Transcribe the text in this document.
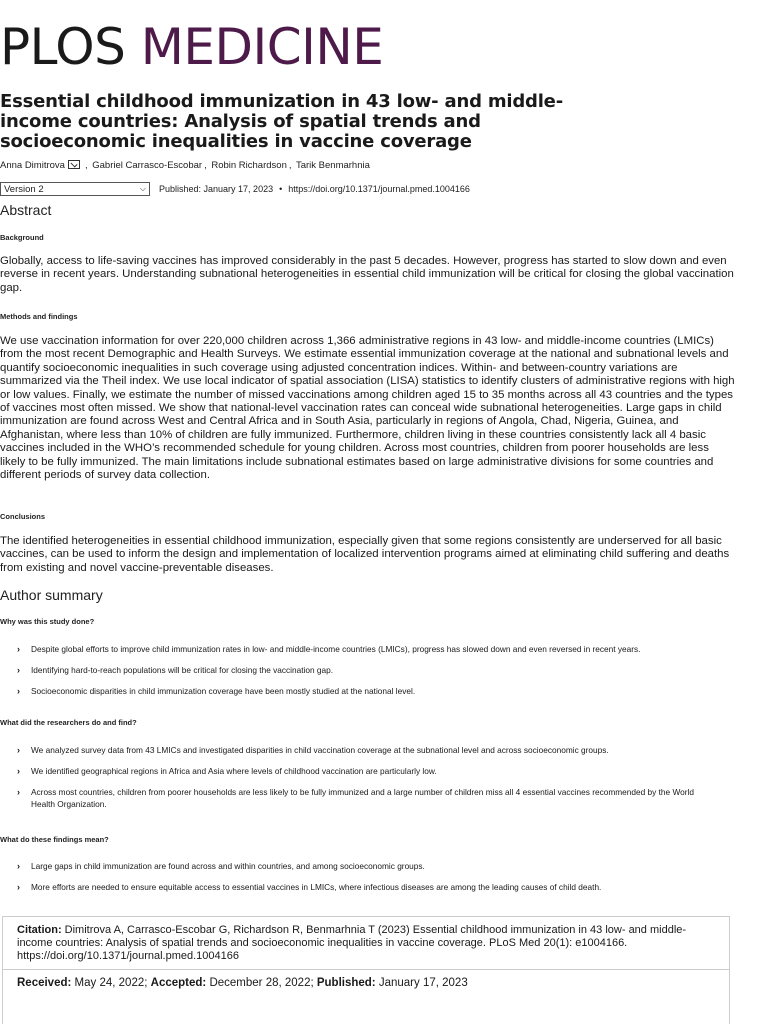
PLOS MEDICINE
Essential childhood immunization in 43 low- and middle-income countries: Analysis of spatial trends and socioeconomic inequalities in vaccine coverage
Anna Dimitrova , Gabriel Carrasco-Escobar , Robin Richardson , Tarik Benmarhnia
Version 2	⌵ Published: January 17, 2023 • https://doi.org/10.1371/journal.pmed.1004166
Abstract
Background

Globally, access to life-saving vaccines has improved considerably in the past 5 decades. However, progress has started to slow down and even reverse in recent years. Understanding subnational heterogeneities in essential child immunization will be critical for closing the global vaccination gap.

Methods and findings

We use vaccination information for over 220,000 children across 1,366 administrative regions in 43 low- and middle-income countries (LMICs) from the most recent Demographic and Health Surveys. We estimate essential immunization coverage at the national and subnational levels and quantify socioeconomic inequalities in such coverage using adjusted concentration indices. Within- and between-country variations are summarized via the Theil index. We use local indicator of spatial association (LISA) statistics to identify clusters of administrative regions with high or low values. Finally, we estimate the number of missed vaccinations among children aged 15 to 35 months across all 43 countries and the types of vaccines most often missed. We show that national-level vaccination rates can conceal wide subnational heterogeneities. Large gaps in child immunization are found across West and Central Africa and in South Asia, particularly in regions of Angola, Chad, Nigeria, Guinea, and Afghanistan, where less than 10% of children are fully immunized. Furthermore, children living in these countries consistently lack all 4 basic vaccines included in the WHO’s recommended schedule for young children. Across most countries, children from poorer households are less likely to be fully immunized. The main limitations include subnational estimates based on large administrative divisions for some countries and different periods of survey data collection.

Conclusions

The identified heterogeneities in essential childhood immunization, especially given that some regions consistently are underserved for all basic vaccines, can be used to inform the design and implementation of localized intervention programs aimed at eliminating child suffering and deaths from existing and novel vaccine-preventable diseases.

Author summary
Why was this study done?
› Despite global efforts to improve child immunization rates in low- and middle-income countries (LMICs), progress has slowed down and even reversed in recent years.
› Identifying hard-to-reach populations will be critical for closing the vaccination gap.
› Socioeconomic disparities in child immunization coverage have been mostly studied at the national level.
What did the researchers do and find?
› We analyzed survey data from 43 LMICs and investigated disparities in child vaccination coverage at the subnational level and across socioeconomic groups.
› We identified geographical regions in Africa and Asia where levels of childhood vaccination are particularly low.
› Across most countries, children from poorer households are less likely to be fully immunized and a large number of children miss all 4 essential vaccines recommended by the World Health Organization.
What do these findings mean?
› Large gaps in child immunization are found across and within countries, and among socioeconomic groups.
› More efforts are needed to ensure equitable access to essential vaccines in LMICs, where infectious diseases are among the leading causes of child death.
Citation: Dimitrova A, Carrasco-Escobar G, Richardson R, Benmarhnia T (2023) Essential childhood immunization in 43 low- and middle-income countries: Analysis of spatial trends and socioeconomic inequalities in vaccine coverage. PLoS Med 20(1): e1004166. https://doi.org/10.1371/journal.pmed.1004166
Received: May 24, 2022; Accepted: December 28, 2022; Published: January 17, 2023
